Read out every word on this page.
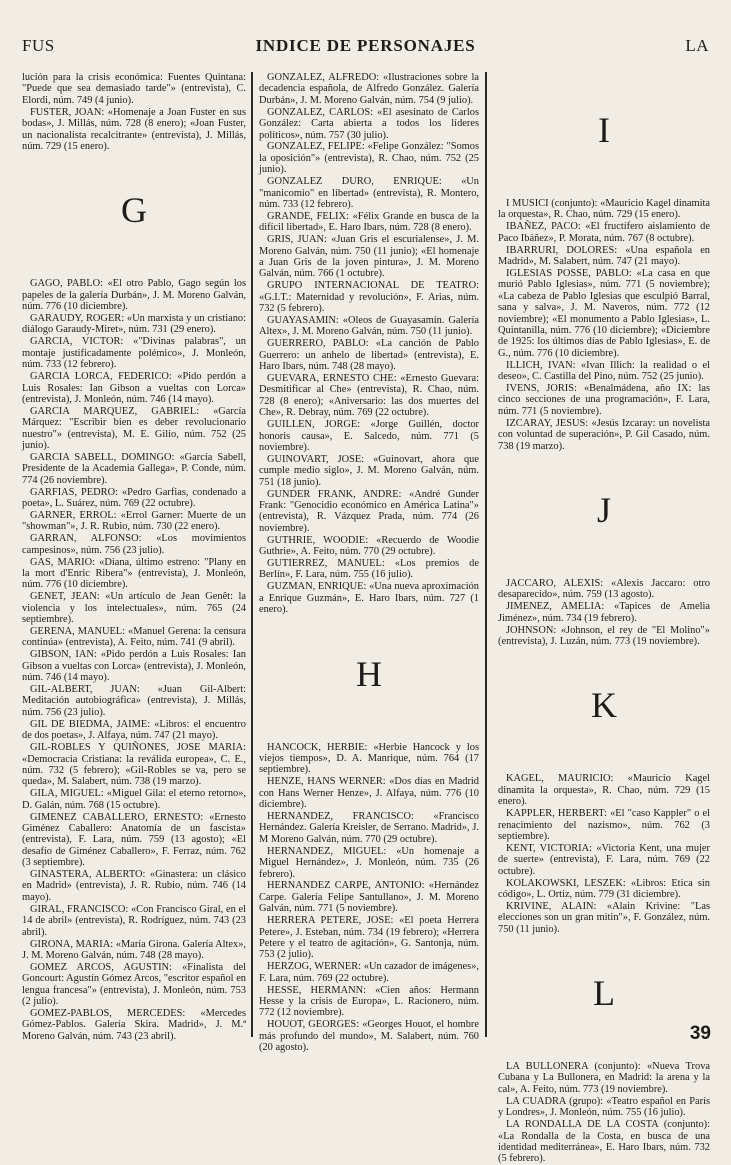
FUS	INDICE DE PERSONAJES	LA

lución para la crisis económica: Fuentes Quintana: "Puede que sea demasiado tarde"» (entrevista), C. Elordi, núm. 749 (4 junio).

FUSTER, JOAN: «Homenaje a Joan Fuster en sus bodas», J. Millás, núm. 728 (8 enero); «Joan Fuster, un nacionalista recalcitrante» (entrevista), J. Millás, núm. 729 (15 enero).

G

GAGO, PABLO: «El otro Pablo, Gago según los papeles de la galería Durbán», J. M. Moreno Galván, núm. 776 (10 diciembre).

GARAUDY, ROGER: «Un marxista y un cristiano: diálogo Garaudy-Miret», núm. 731 (29 enero).

GARCIA, VICTOR: «"Divinas palabras", un montaje justificadamente polémico», J. Monleón, núm. 733 (12 febrero).

GARCIA LORCA, FEDERICO: «Pido perdón a Luis Rosales: Ian Gibson a vueltas con Lorca» (entrevista), J. Monleón, núm. 746 (14 mayo).

GARCIA MARQUEZ, GABRIEL: «García Márquez: "Escribir bien es deber revolucionario nuestro"» (entrevista), M. E. Gilio, núm. 752 (25 junio).

GARCIA SABELL, DOMINGO: «García Sabell, Presidente de la Academia Gallega», P. Conde, núm. 774 (26 noviembre).

GARFIAS, PEDRO: «Pedro Garfias, condenado a poeta», L. Suárez, núm. 769 (22 octubre).

GARNER, ERROL: «Errol Garner: Muerte de un "showman"», J. R. Rubio, núm. 730 (22 enero).

GARRAN, ALFONSO: «Los movimientos campesinos», núm. 756 (23 julio).

GAS, MARIO: «Diana, último estreno: "Plany en la mort d'Enric Ribera"» (entrevista), J. Monleón, núm. 776 (10 diciembre).

GENET, JEAN: «Un artículo de Jean Genêt: la violencia y los intelectuales», núm. 765 (24 septiembre).

GERENA, MANUEL: «Manuel Gerena: la censura continúa» (entrevista), A. Feito, núm. 741 (9 abril).

GIBSON, IAN: «Pido perdón a Luis Rosales: Ian Gibson a vueltas con Lorca» (entrevista), J. Monleón, núm. 746 (14 mayo).

GIL-ALBERT, JUAN: «Juan Gil-Albert: Meditación autobiográfica» (entrevista), J. Millás, núm. 756 (23 julio).

GIL DE BIEDMA, JAIME: «Libros: el encuentro de dos poetas», J. Alfaya, núm. 747 (21 mayo).

GIL-ROBLES Y QUIÑONES, JOSE MARIA: «Democracia Cristiana: la reválida europea», C. E., núm. 732 (5 febrero); «Gil-Robles se va, pero se queda», M. Salabert, núm. 738 (19 marzo).

GILA, MIGUEL: «Miguel Gila: el eterno retorno», D. Galán, núm. 768 (15 octubre).

GIMENEZ CABALLERO, ERNESTO: «Ernesto Giménez Caballero: Anatomía de un fascista» (entrevista), F. Lara, núm. 759 (13 agosto); «El desafío de Giménez Caballero», F. Ferraz, núm. 762 (3 septiembre).

GINASTERA, ALBERTO: «Ginastera: un clásico en Madrid» (entrevista), J. R. Rubio, núm. 746 (14 mayo).

GIRAL, FRANCISCO: «Con Francisco Giral, en el 14 de abril» (entrevista), R. Rodríguez, núm. 743 (23 abril).

GIRONA, MARIA: «María Girona. Galería Altex», J. M. Moreno Galván, núm. 748 (28 mayo).

GOMEZ ARCOS, AGUSTIN: «Finalista del Goncourt: Agustín Gómez Arcos, "escritor español en lengua francesa"» (entrevista), J. Monleón, núm. 753 (2 julio).

GOMEZ-PABLOS, MERCEDES: «Mercedes Gómez-Pablos. Galería Skira. Madrid», J. M.ª Moreno Galván, núm. 743 (23 abril).

GONZALEZ, ALFREDO: «Ilustraciones sobre la decadencia española, de Alfredo González. Galería Durbán», J. M. Moreno Galván, núm. 754 (9 julio).

GONZALEZ, CARLOS: «El asesinato de Carlos González: Carta abierta a todos los líderes políticos», núm. 757 (30 julio).

GONZALEZ, FELIPE: «Felipe González: "Somos la oposición"» (entrevista), R. Chao, núm. 752 (25 junio).

GONZALEZ DURO, ENRIQUE: «Un "manicomio" en libertad» (entrevista), R. Montero, núm. 733 (12 febrero).

GRANDE, FELIX: «Félix Grande en busca de la difícil libertad», E. Haro Ibars, núm. 728 (8 enero).

GRIS, JUAN: «Juan Gris el escurialense», J. M. Moreno Galván, núm. 750 (11 junio); «El homenaje a Juan Gris de la joven pintura», J. M. Moreno Galván, núm. 766 (1 octubre).

GRUPO INTERNACIONAL DE TEATRO: «G.I.T.: Maternidad y revolución», F. Arias, núm. 732 (5 febrero).

GUAYASAMIN: «Oleos de Guayasamín. Galería Altex», J. M. Moreno Galván, núm. 750 (11 junio).

GUERRERO, PABLO: «La canción de Pablo Guerrero: un anhelo de libertad» (entrevista), E. Haro Ibars, núm. 748 (28 mayo).

GUEVARA, ERNESTO CHE: «Ernesto Guevara: Desmitificar al Che» (entrevista), R. Chao, núm. 728 (8 enero); «Aniversario: las dos muertes del Che», R. Debray, núm. 769 (22 octubre).

GUILLEN, JORGE: «Jorge Guillén, doctor honoris causa», E. Salcedo, núm. 771 (5 noviembre).

GUINOVART, JOSE: «Guinovart, ahora que cumple medio siglo», J. M. Moreno Galván, núm. 751 (18 junio).

GUNDER FRANK, ANDRE: «André Gunder Frank: "Genocidio económico en América Latina"» (entrevista), R. Vázquez Prada, núm. 774 (26 noviembre).

GUTHRIE, WOODIE: «Recuerdo de Woodie Guthrie», A. Feito, núm. 770 (29 octubre).

GUTIERREZ, MANUEL: «Los premios de Berlín», F. Lara, núm. 755 (16 julio).

GUZMAN, ENRIQUE: «Una nueva aproximación a Enrique Guzmán», E. Haro Ibars, núm. 727 (1 enero).

H

HANCOCK, HERBIE: «Herbie Hancock y los viejos tiempos», D. A. Manrique, núm. 764 (17 septiembre).

HENZE, HANS WERNER: «Dos días en Madrid con Hans Werner Henze», J. Alfaya, núm. 776 (10 diciembre).

HERNANDEZ, FRANCISCO: «Francisco Hernández. Galería Kreisler, de Serrano. Madrid», J. M Moreno Galván, núm. 770 (29 octubre).

HERNANDEZ, MIGUEL: «Un homenaje a Miguel Hernández», J. Monleón, núm. 735 (26 febrero).

HERNANDEZ CARPE, ANTONIO: «Hernández Carpe. Galería Felipe Santullano», J. M. Moreno Galván, núm. 771 (5 noviembre).

HERRERA PETERE, JOSE: «El poeta Herrera Petere», J. Esteban, núm. 734 (19 febrero); «Herrera Petere y el teatro de agitación», G. Santonja, núm. 753 (2 julio).

HERZOG, WERNER: «Un cazador de imágenes», F. Lara, núm. 769 (22 octubre).

HESSE, HERMANN: «Cien años: Hermann Hesse y la crisis de Europa», L. Racionero, núm. 772 (12 noviembre).

HOUOT, GEORGES: «Georges Houot, el hombre más profundo del mundo», M. Salabert, núm. 760 (20 agosto).

I

I MUSICI (conjunto): «Mauricio Kagel dinamita la orquesta», R. Chao, núm. 729 (15 enero).

IBAÑEZ, PACO: «El fructífero aislamiento de Paco Ibáñez», P. Morata, núm. 767 (8 octubre).

IBARRURI, DOLORES: «Una española en Madrid», M. Salabert, núm. 747 (21 mayo).

IGLESIAS POSSE, PABLO: «La casa en que murió Pablo Iglesias», núm. 771 (5 noviembre); «La cabeza de Pablo Iglesias que esculpió Barral, sana y salva», J. M. Naveros, núm. 772 (12 noviembre); «El monumento a Pablo Iglesias», L. Quintanilla, núm. 776 (10 diciembre); «Diciembre de 1925: los últimos días de Pablo Iglesias», E. de G., núm. 776 (10 diciembre).

ILLICH, IVAN: «Ivan Illich: la realidad o el deseo», C. Castilla del Pino, núm. 752 (25 junio).

IVENS, JORIS: «Benalmádena, año IX: las cinco secciones de una programación», F. Lara, núm. 771 (5 noviembre).

IZCARAY, JESUS: «Jesús Izcaray: un novelista con voluntad de superación», P. Gil Casado, núm. 738 (19 marzo).

J

JACCARO, ALEXIS: «Alexis Jaccaro: otro desaparecido», núm. 759 (13 agosto).

JIMENEZ, AMELIA: «Tapices de Amelia Jiménez», núm. 734 (19 febrero).

JOHNSON: «Johnson, el rey de "El Molino"» (entrevista), J. Luzán, núm. 773 (19 noviembre).

K

KAGEL, MAURICIO: «Mauricio Kagel dinamita la orquesta», R. Chao, núm. 729 (15 enero).

KAPPLER, HERBERT: «El "caso Kappler" o el renacimiento del nazismo», núm. 762 (3 septiembre).

KENT, VICTORIA: «Victoria Kent, una mujer de suerte» (entrevista), F. Lara, núm. 769 (22 octubre).

KOLAKOWSKI, LESZEK: «Libros: Etica sin código», L. Ortiz, núm. 779 (31 diciembre).

KRIVINE, ALAIN: «Alain Krivine: "Las elecciones son un gran mitin"», F. González, núm. 750 (11 junio).

L

LA BULLONERA (conjunto): «Nueva Trova Cubana y La Bullonera, en Madrid: la arena y la cal», A. Feito, núm. 773 (19 noviembre).

LA CUADRA (grupo): «Teatro español en París y Londres», J. Monleón, núm. 755 (16 julio).

LA RONDALLA DE LA COSTA (conjunto): «La Rondalla de la Costa, en busca de una identidad mediterránea», E. Haro Ibars, núm. 732 (5 febrero).

39
